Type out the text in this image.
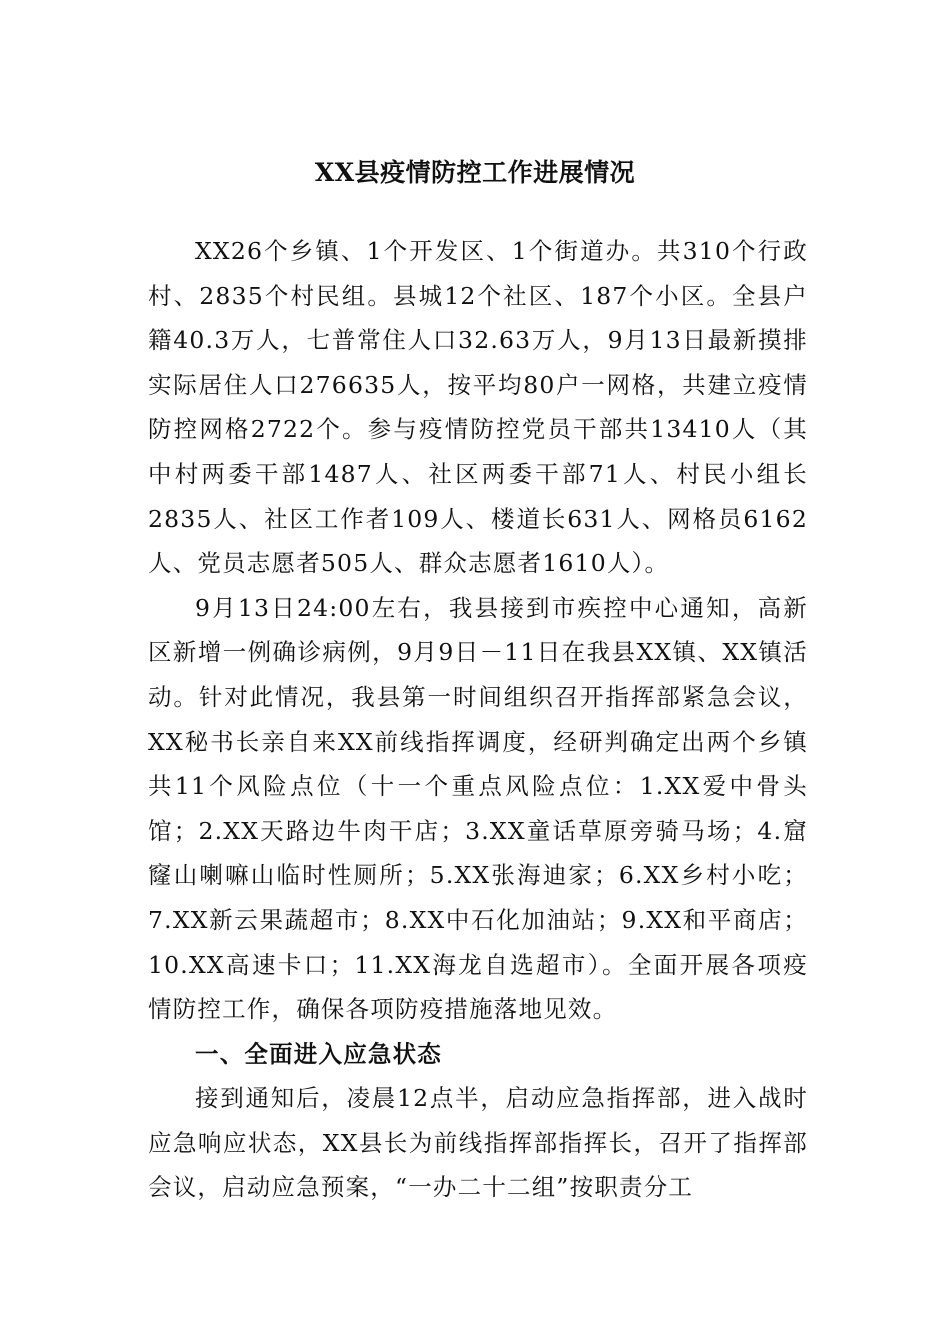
XX县疫情防控工作进展情况

XX26个乡镇、1个开发区、1个街道办。共310个行政村、2835个村民组。县城12个社区、187个小区。全县户籍40.3万人，七普常住人口32.63万人，9月13日最新摸排实际居住人口276635人，按平均80户一网格，共建立疫情防控网格2722个。参与疫情防控党员干部共13410人（其中村两委干部1487人、社区两委干部71人、村民小组长2835人、社区工作者109人、楼道长631人、网格员6162人、党员志愿者505人、群众志愿者1610人）。

9月13日24:00左右，我县接到市疾控中心通知，高新区新增一例确诊病例，9月9日－11日在我县XX镇、XX镇活动。针对此情况，我县第一时间组织召开指挥部紧急会议，XX秘书长亲自来XX前线指挥调度，经研判确定出两个乡镇共11个风险点位（十一个重点风险点位：1.XX爱中骨头馆；2.XX天路边牛肉干店；3.XX童话草原旁骑马场；4.窟窿山喇嘛山临时性厕所；5.XX张海迪家；6.XX乡村小吃；7.XX新云果蔬超市；8.XX中石化加油站；9.XX和平商店；10.XX高速卡口；11.XX海龙自选超市）。全面开展各项疫情防控工作，确保各项防疫措施落地见效。

一、全面进入应急状态

接到通知后，凌晨12点半，启动应急指挥部，进入战时应急响应状态，XX县长为前线指挥部指挥长，召开了指挥部会议，启动应急预案，“一办二十二组”按职责分工
